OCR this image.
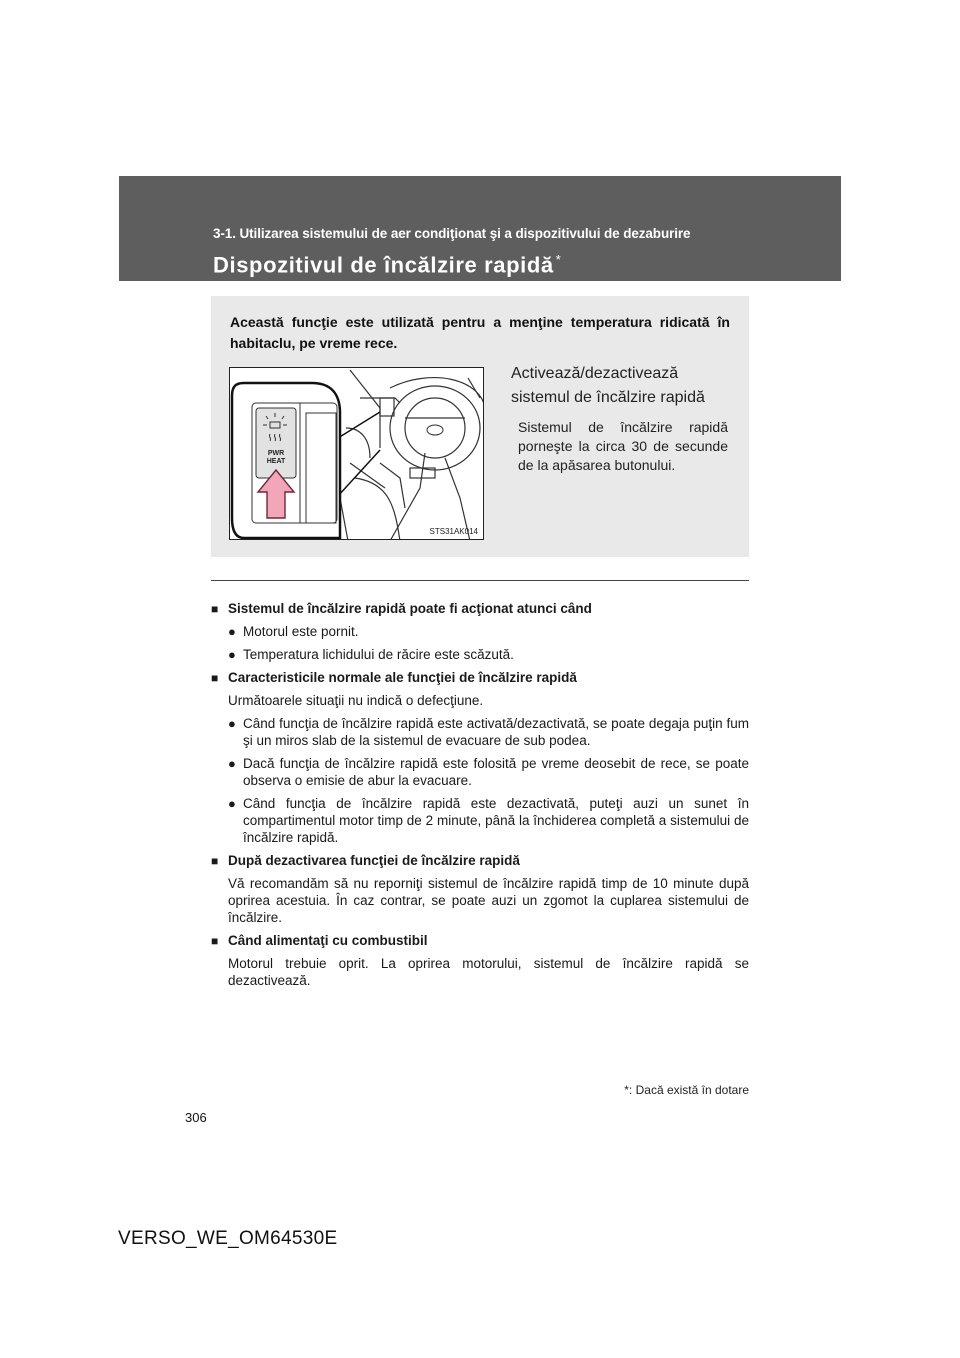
3-1. Utilizarea sistemului de aer condiţionat şi a dispozitivului de dezaburire
Dispozitivul de încălzire rapidă *
Această funcţie este utilizată pentru a menţine temperatura ridicată în habitaclu, pe vreme rece.
PWR
HEAT
STS31AK014
Activează/dezactivează sistemul de încălzire rapidă
Sistemul de încălzire rapidă porneşte la circa 30 de secunde de la apăsarea butonului.
■ Sistemul de încălzire rapidă poate fi acţionat atunci când
● Motorul este pornit.
● Temperatura lichidului de răcire este scăzută.
■ Caracteristicile normale ale funcţiei de încălzire rapidă
Următoarele situaţii nu indică o defecţiune.
● Când funcţia de încălzire rapidă este activată/dezactivată, se poate degaja puţin fum şi un miros slab de la sistemul de evacuare de sub podea.
● Dacă funcţia de încălzire rapidă este folosită pe vreme deosebit de rece, se poate observa o emisie de abur la evacuare.
● Când funcţia de încălzire rapidă este dezactivată, puteţi auzi un sunet în compartimentul motor timp de 2 minute, până la închiderea completă a sistemului de încălzire rapidă.
■ După dezactivarea funcţiei de încălzire rapidă
Vă recomandăm să nu reporniţi sistemul de încălzire rapidă timp de 10 minute după oprirea acestuia. În caz contrar, se poate auzi un zgomot la cuplarea sistemului de încălzire.
■ Când alimentaţi cu combustibil
Motorul trebuie oprit. La oprirea motorului, sistemul de încălzire rapidă se dezactivează.
*: Dacă există în dotare
306
VERSO_WE_OM64530E
